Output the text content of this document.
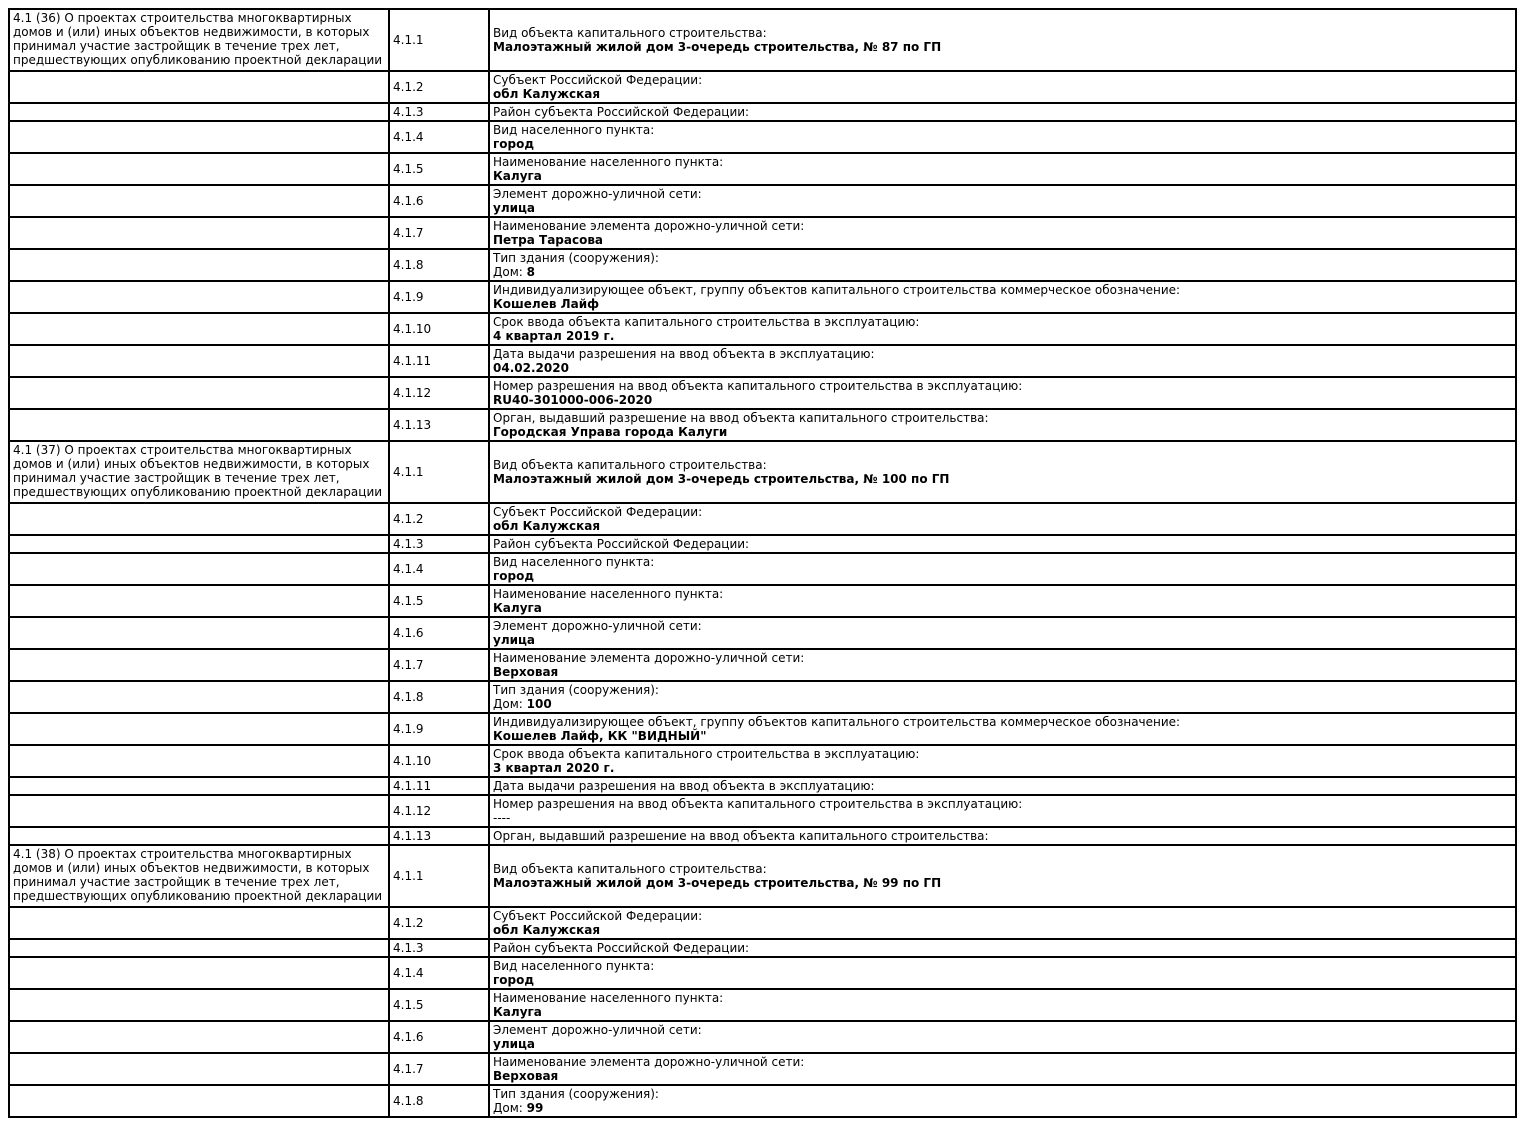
4.1 (36) О проектах строительства многоквартирных домов и (или) иных объектов недвижимости, в которых принимал участие застройщик в течение трех лет, предшествующих опубликованию проектной декларации	4.1.1	Вид объекта капитального строительства:
Малоэтажный жилой дом 3-очередь строительства, № 87 по ГП

	4.1.2	Субъект Российской Федерации:
обл Калужская

	4.1.3	Район субъекта Российской Федерации:

	4.1.4	Вид населенного пункта:
город

	4.1.5	Наименование населенного пункта:
Калуга

	4.1.6	Элемент дорожно-уличной сети:
улица

	4.1.7	Наименование элемента дорожно-уличной сети:
Петра Тарасова

	4.1.8	Тип здания (сооружения):
Дом: 8

	4.1.9	Индивидуализирующее объект, группу объектов капитального строительства коммерческое обозначение:
Кошелев Лайф

	4.1.10	Срок ввода объекта капитального строительства в эксплуатацию:
4 квартал 2019 г.

	4.1.11	Дата выдачи разрешения на ввод объекта в эксплуатацию:
04.02.2020

	4.1.12	Номер разрешения на ввод объекта капитального строительства в эксплуатацию:
RU40-301000-006-2020

	4.1.13	Орган, выдавший разрешение на ввод объекта капитального строительства:
Городская Управа города Калуги

4.1 (37) О проектах строительства многоквартирных домов и (или) иных объектов недвижимости, в которых принимал участие застройщик в течение трех лет, предшествующих опубликованию проектной декларации	4.1.1	Вид объекта капитального строительства:
Малоэтажный жилой дом 3-очередь строительства, № 100 по ГП

	4.1.2	Субъект Российской Федерации:
обл Калужская

	4.1.3	Район субъекта Российской Федерации:

	4.1.4	Вид населенного пункта:
город

	4.1.5	Наименование населенного пункта:
Калуга

	4.1.6	Элемент дорожно-уличной сети:
улица

	4.1.7	Наименование элемента дорожно-уличной сети:
Верховая

	4.1.8	Тип здания (сооружения):
Дом: 100

	4.1.9	Индивидуализирующее объект, группу объектов капитального строительства коммерческое обозначение:
Кошелев Лайф, КК "ВИДНЫЙ"

	4.1.10	Срок ввода объекта капитального строительства в эксплуатацию:
3 квартал 2020 г.

	4.1.11	Дата выдачи разрешения на ввод объекта в эксплуатацию:

	4.1.12	Номер разрешения на ввод объекта капитального строительства в эксплуатацию:
----

	4.1.13	Орган, выдавший разрешение на ввод объекта капитального строительства:

4.1 (38) О проектах строительства многоквартирных домов и (или) иных объектов недвижимости, в которых принимал участие застройщик в течение трех лет, предшествующих опубликованию проектной декларации	4.1.1	Вид объекта капитального строительства:
Малоэтажный жилой дом 3-очередь строительства, № 99 по ГП

	4.1.2	Субъект Российской Федерации:
обл Калужская

	4.1.3	Район субъекта Российской Федерации:

	4.1.4	Вид населенного пункта:
город

	4.1.5	Наименование населенного пункта:
Калуга

	4.1.6	Элемент дорожно-уличной сети:
улица

	4.1.7	Наименование элемента дорожно-уличной сети:
Верховая

	4.1.8	Тип здания (сооружения):
Дом: 99
